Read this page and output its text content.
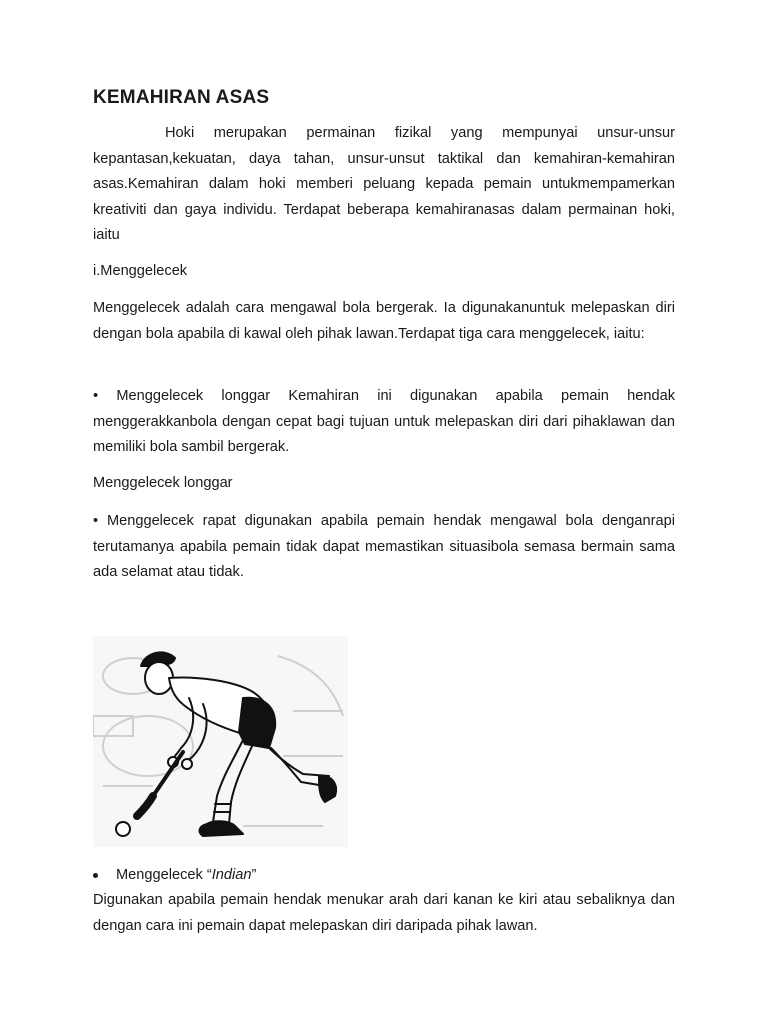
KEMAHIRAN ASAS

Hoki merupakan permainan fizikal yang mempunyai unsur-unsur kepantasan,kekuatan, daya tahan, unsur-unsut taktikal dan kemahiran-kemahiran asas.Kemahiran dalam hoki memberi peluang kepada pemain untukmempamerkan kreativiti dan gaya individu. Terdapat beberapa kemahiranasas dalam permainan hoki, iaitu

i.Menggelecek

Menggelecek adalah cara mengawal bola bergerak. Ia digunakanuntuk melepaskan diri dengan bola apabila di kawal oleh pihak lawan.Terdapat tiga cara menggelecek, iaitu:

• Menggelecek longgar Kemahiran ini digunakan apabila pemain hendak menggerakkanbola dengan cepat bagi tujuan untuk melepaskan diri dari pihaklawan dan memiliki bola sambil bergerak.

Menggelecek longgar

• Menggelecek rapat digunakan apabila pemain hendak mengawal bola denganrapi terutamanya apabila pemain tidak dapat memastikan situasibola semasa bermain sama ada selamat atau tidak.

Menggelecek “Indian”

Digunakan apabila pemain hendak menukar arah dari kanan ke kiri atau sebaliknya dan dengan cara ini pemain dapat melepaskan diri daripada pihak lawan.
